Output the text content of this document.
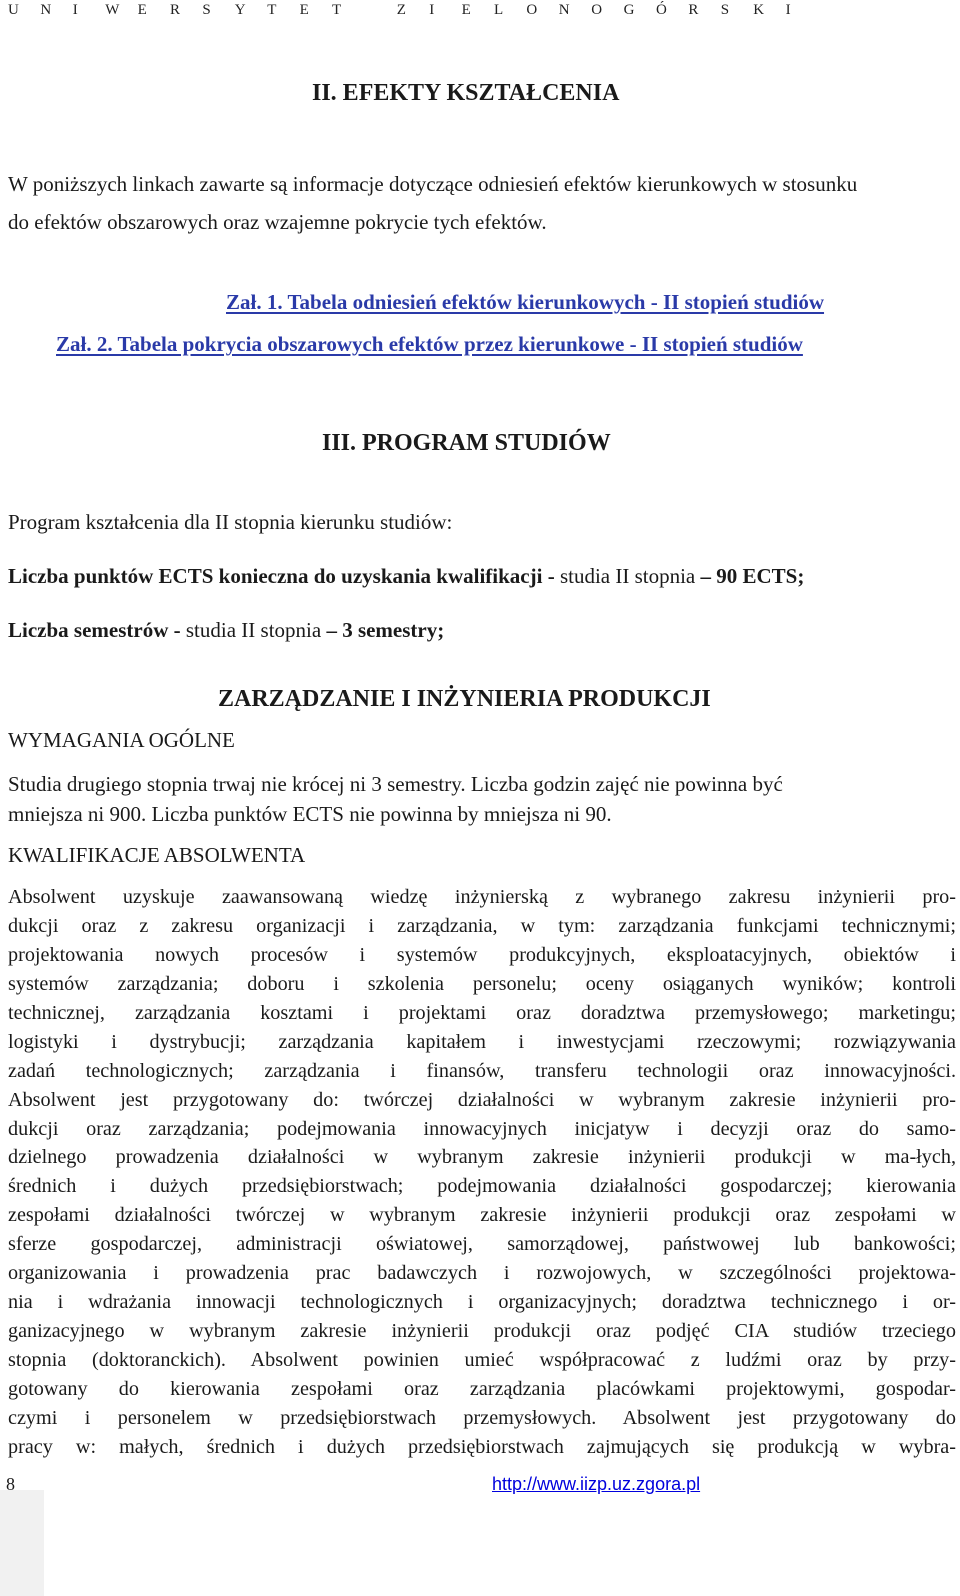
U N I W E R S Y T E T	Z I E L O N O G Ó R S K I
II. EFEKTY KSZTAŁCENIA
W poniższych linkach zawarte są informacje dotyczące odniesień efektów kierunkowych w stosunku
do efektów obszarowych oraz wzajemne pokrycie tych efektów.
Zał. 1. Tabela odniesień efektów kierunkowych - II stopień studiów
Zał. 2. Tabela pokrycia obszarowych efektów przez kierunkowe - II stopień studiów
III. PROGRAM STUDIÓW
Program kształcenia dla II stopnia kierunku studiów:
Liczba punktów ECTS konieczna do uzyskania kwalifikacji - studia II stopnia – 90 ECTS;
Liczba semestrów - studia II stopnia – 3 semestry;
ZARZĄDZANIE I INŻYNIERIA PRODUKCJI
WYMAGANIA OGÓLNE
Studia drugiego stopnia trwaj nie krócej ni 3 semestry. Liczba godzin zajęć nie powinna być
mniejsza ni 900. Liczba punktów ECTS nie powinna by mniejsza ni 90.
KWALIFIKACJE ABSOLWENTA
Absolwent uzyskuje zaawansowaną wiedzę inżynierską z wybranego zakresu inżynierii pro-
dukcji oraz z zakresu organizacji i zarządzania, w tym: zarządzania funkcjami technicznymi;
projektowania nowych procesów i systemów produkcyjnych, eksploatacyjnych, obiektów i
systemów zarządzania; doboru i szkolenia personelu; oceny osiąganych wyników; kontroli
technicznej, zarządzania kosztami i projektami oraz doradztwa przemysłowego; marketingu;
logistyki i dystrybucji; zarządzania kapitałem i inwestycjami rzeczowymi; rozwiązywania
zadań technologicznych; zarządzania i finansów, transferu technologii oraz innowacyjności.
Absolwent jest przygotowany do: twórczej działalności w wybranym zakresie inżynierii pro-
dukcji oraz zarządzania; podejmowania innowacyjnych inicjatyw i decyzji oraz do samo-
dzielnego prowadzenia działalności w wybranym zakresie inżynierii produkcji w ma-łych,
średnich i dużych przedsiębiorstwach; podejmowania działalności gospodarczej; kierowania
zespołami działalności twórczej w wybranym zakresie inżynierii produkcji oraz zespołami w
sferze gospodarczej, administracji oświatowej, samorządowej, państwowej lub bankowości;
organizowania i prowadzenia prac badawczych i rozwojowych, w szczególności projektowa-
nia i wdrażania innowacji technologicznych i organizacyjnych; doradztwa technicznego i or-
ganizacyjnego w wybranym zakresie inżynierii produkcji oraz podjęć CIA studiów trzeciego
stopnia (doktoranckich). Absolwent powinien umieć współpracować z ludźmi oraz by przy-
gotowany do kierowania zespołami oraz zarządzania placówkami projektowymi, gospodar-
czymi i personelem w przedsiębiorstwach przemysłowych. Absolwent jest przygotowany do
pracy w: małych, średnich i dużych przedsiębiorstwach zajmujących się produkcją w wybra-
8	http://www.iizp.uz.zgora.pl
